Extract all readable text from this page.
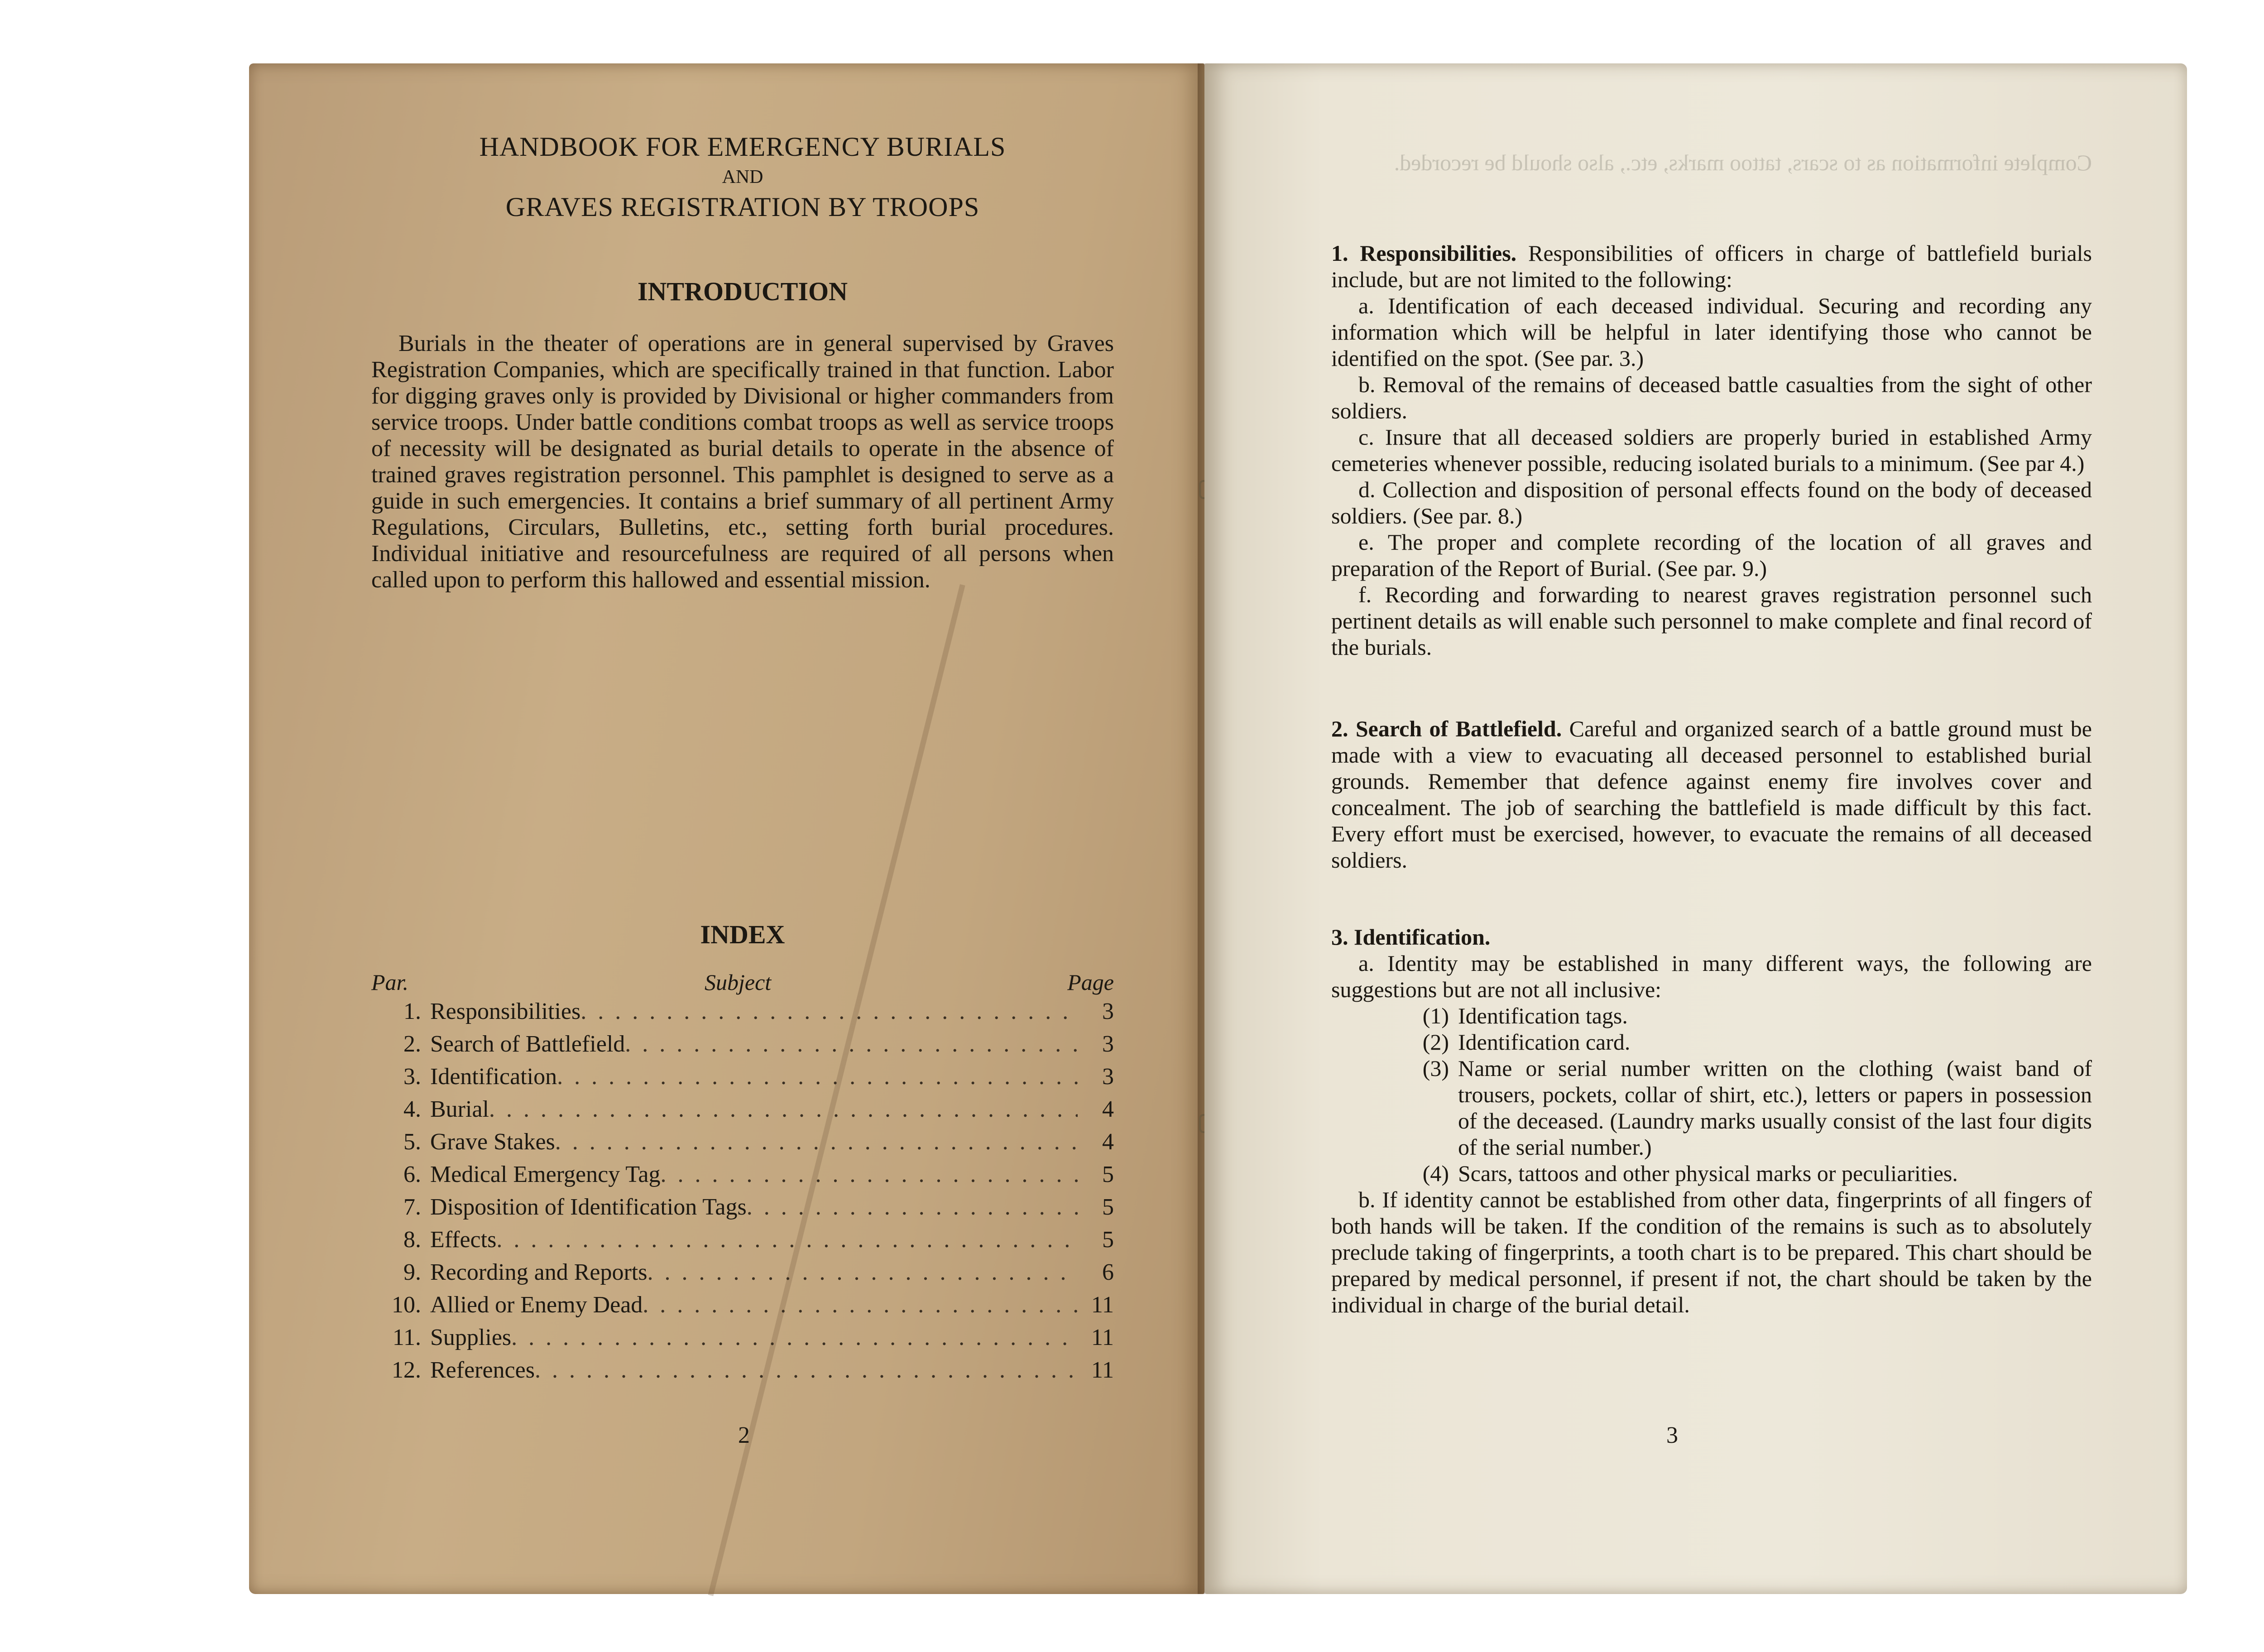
HANDBOOK FOR EMERGENCY BURIALS

AND

GRAVES REGISTRATION BY TROOPS

INTRODUCTION

Burials in the theater of operations are in general supervised by Graves Registration Companies, which are specifically trained in that function. Labor for digging graves only is provided by Divisional or higher commanders from service troops. Under battle conditions combat troops as well as service troops of necessity will be designated as burial details to operate in the absence of trained graves registration personnel. This pamphlet is designed to serve as a guide in such emergencies. It contains a brief summary of all pertinent Army Regulations, Circulars, Bulletins, etc., setting forth burial procedures. Individual initiative and resourcefulness are required of all persons when called upon to perform this hallowed and essential mission.

INDEX

Par.	Subject	Page
1. Responsibilities . . .	3
2. Search of Battlefield . . .	3
3. Identification . . .	3
4. Burial . . .	4
5. Grave Stakes . . .	4
6. Medical Emergency Tag . . .	5
7. Disposition of Identification Tags . . .	5
8. Effects . . .	5
9. Recording and Reports . . .	6
10. Allied or Enemy Dead . . .	11
11. Supplies . . .	11
12. References . . .	11
2
Complete information as to scars, tattoo marks, etc., also should be recorded.

1. Responsibilities. Responsibilities of officers in charge of battlefield burials include, but are not limited to the following:

a. Identification of each deceased individual. Securing and recording any information which will be helpful in later identifying those who cannot be identified on the spot. (See par. 3.)

b. Removal of the remains of deceased battle casualties from the sight of other soldiers.

c. Insure that all deceased soldiers are properly buried in established Army cemeteries whenever possible, reducing isolated burials to a minimum. (See par 4.)

d. Collection and disposition of personal effects found on the body of deceased soldiers. (See par. 8.)

e. The proper and complete recording of the location of all graves and preparation of the Report of Burial. (See par. 9.)

f. Recording and forwarding to nearest graves registration personnel such pertinent details as will enable such personnel to make complete and final record of the burials.

2. Search of Battlefield. Careful and organized search of a battle ground must be made with a view to evacuating all deceased personnel to established burial grounds. Remember that defence against enemy fire involves cover and concealment. The job of searching the battlefield is made difficult by this fact. Every effort must be exercised, however, to evacuate the remains of all deceased soldiers.

3. Identification.

a. Identity may be established in many different ways, the following are suggestions but are not all inclusive:

(1) Identification tags.
(2) Identification card.
(3) Name or serial number written on the clothing (waist band of trousers, pockets, collar of shirt, etc.), letters or papers in possession of the deceased. (Laundry marks usually consist of the last four digits of the serial number.)
(4) Scars, tattoos and other physical marks or peculiarities.

b. If identity cannot be established from other data, fingerprints of all fingers of both hands will be taken. If the condition of the remains is such as to absolutely preclude taking of fingerprints, a tooth chart is to be prepared. This chart should be prepared by medical personnel, if present if not, the chart should be taken by the individual in charge of the burial detail.

3
